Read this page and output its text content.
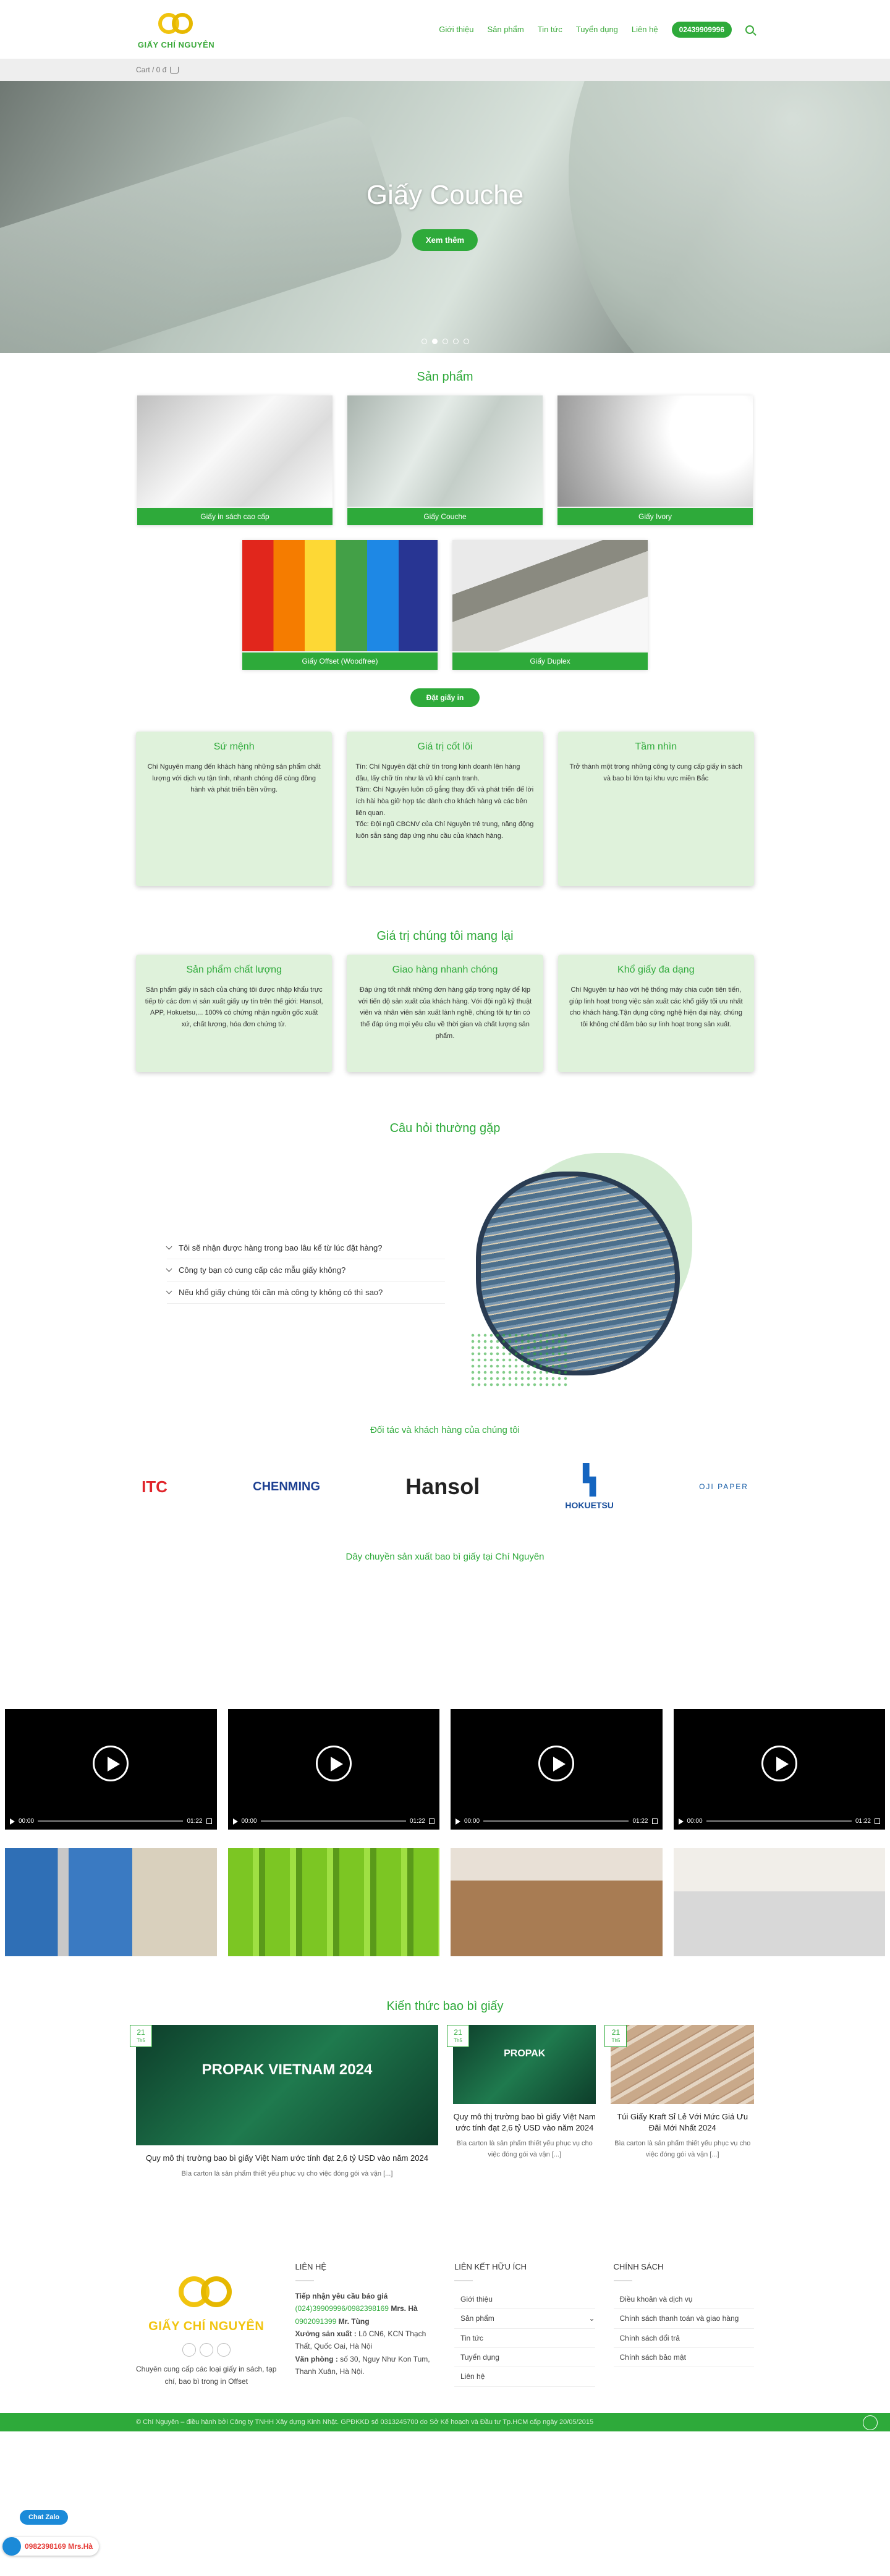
GIẤY CHÍ NGUYÊN
Giới thiệu Sản phẩm Tin tức Tuyển dụng Liên hệ	02439909996
Cart / 0 đ
Giấy Couche
Xem thêm
Sản phẩm
Giấy in sách cao cấp	Giấy Couche	Giấy Ivory
Giấy Offset (Woodfree)	Giấy Duplex
Đặt giấy in
Sứ mệnh

Chí Nguyên mang đến khách hàng những sản phẩm chất lượng với dịch vụ tận tình, nhanh chóng để cùng đồng hành và phát triển bền vững.

Giá trị cốt lõi

Tín: Chí Nguyên đặt chữ tín trong kinh doanh lên hàng đầu, lấy chữ tín như là vũ khí cạnh tranh.

Tâm: Chí Nguyên luôn cố gắng thay đổi và phát triển để lời ích hài hòa giữ hợp tác dành cho khách hàng và các bên liên quan.

Tốc: Đội ngũ CBCNV của Chí Nguyên trẻ trung, năng động luôn sẵn sàng đáp ứng nhu cầu của khách hàng.

Tầm nhìn

Trở thành một trong những công ty cung cấp giấy in sách và bao bì lớn tại khu vực miền Bắc

Giá trị chúng tôi mang lại
Sản phẩm chất lượng

Sản phẩm giấy in sách của chúng tôi được nhập khẩu trực tiếp từ các đơn vị sản xuất giấy uy tín trên thế giới: Hansol, APP, Hokuetsu,... 100% có chứng nhận nguồn gốc xuất xứ, chất lượng, hóa đơn chứng từ.

Giao hàng nhanh chóng

Đáp ứng tốt nhất những đơn hàng gấp trong ngày để kịp với tiến độ sản xuất của khách hàng. Với đội ngũ kỹ thuật viên và nhân viên sản xuất lành nghề, chúng tôi tự tin có thể đáp ứng mọi yêu cầu về thời gian và chất lượng sản phẩm.

Khổ giấy đa dạng

Chí Nguyên tự hào với hệ thống máy chia cuộn tiên tiến, giúp linh hoạt trong việc sản xuất các khổ giấy tối ưu nhất cho khách hàng.Tận dụng công nghệ hiện đại này, chúng tôi không chỉ đảm bảo sự linh hoạt trong sản xuất.

Câu hỏi thường gặp
Tôi sẽ nhận được hàng trong bao lâu kể từ lúc đặt hàng?
Công ty bạn có cung cấp các mẫu giấy không?
Nếu khổ giấy chúng tôi cần mà công ty không có thì sao?
Đối tác và khách hàng của chúng tôi
ITC	CHENMING	Hansol
HOKUETSU
OJI PAPER
Dây chuyền sản xuất bao bì giấy tại Chí Nguyên
00:00	01:22	00:00	01:22	00:00	01:22	00:00	01:22
Kiến thức bao bì giấy
21
Th5
PROPAK VIETNAM 2024
Quy mô thị trường bao bì giấy Việt Nam ước tính đạt 2,6 tỷ USD vào năm 2024
Bìa carton là sản phẩm thiết yếu phục vụ cho việc đóng gói và vận [...]
21
Th5
PROPAK
Quy mô thị trường bao bì giấy Việt Nam ước tính đạt 2,6 tỷ USD vào năm 2024
Bìa carton là sản phẩm thiết yếu phục vụ cho việc đóng gói và vận [...]
21
Th5
Túi Giấy Kraft Sỉ Lẻ Với Mức Giá Ưu Đãi Mới Nhất 2024
Bìa carton là sản phẩm thiết yếu phục vụ cho việc đóng gói và vận [...]
GIẤY CHÍ NGUYÊN

Chuyên cung cấp các loại giấy in sách, tạp chí, bao bì trong in Offset

LIÊN HỆ

Tiếp nhận yêu cầu báo giá

(024)39909996/0982398169 Mrs. Hà

0902091399 Mr. Tùng

Xưởng sản xuất : Lô CN6, KCN Thạch Thất, Quốc Oai, Hà Nội

Văn phòng : số 30, Nguy Như Kon Tum, Thanh Xuân, Hà Nội.

LIÊN KẾT HỮU ÍCH
Giới thiệu
Sản phẩm	⌄
Tin tức
Tuyển dụng
Liên hệ
CHÍNH SÁCH
Điều khoản và dịch vụ
Chính sách thanh toán và giao hàng
Chính sách đổi trả
Chính sách bảo mật
© Chí Nguyên – điều hành bởi Công ty TNHH Xây dựng Kinh Nhật. GPĐKKD số 0313245700 do Sở Kế hoạch và Đầu tư Tp.HCM cấp ngày 20/05/2015
Chat Zalo
0982398169 Mrs.Hà
